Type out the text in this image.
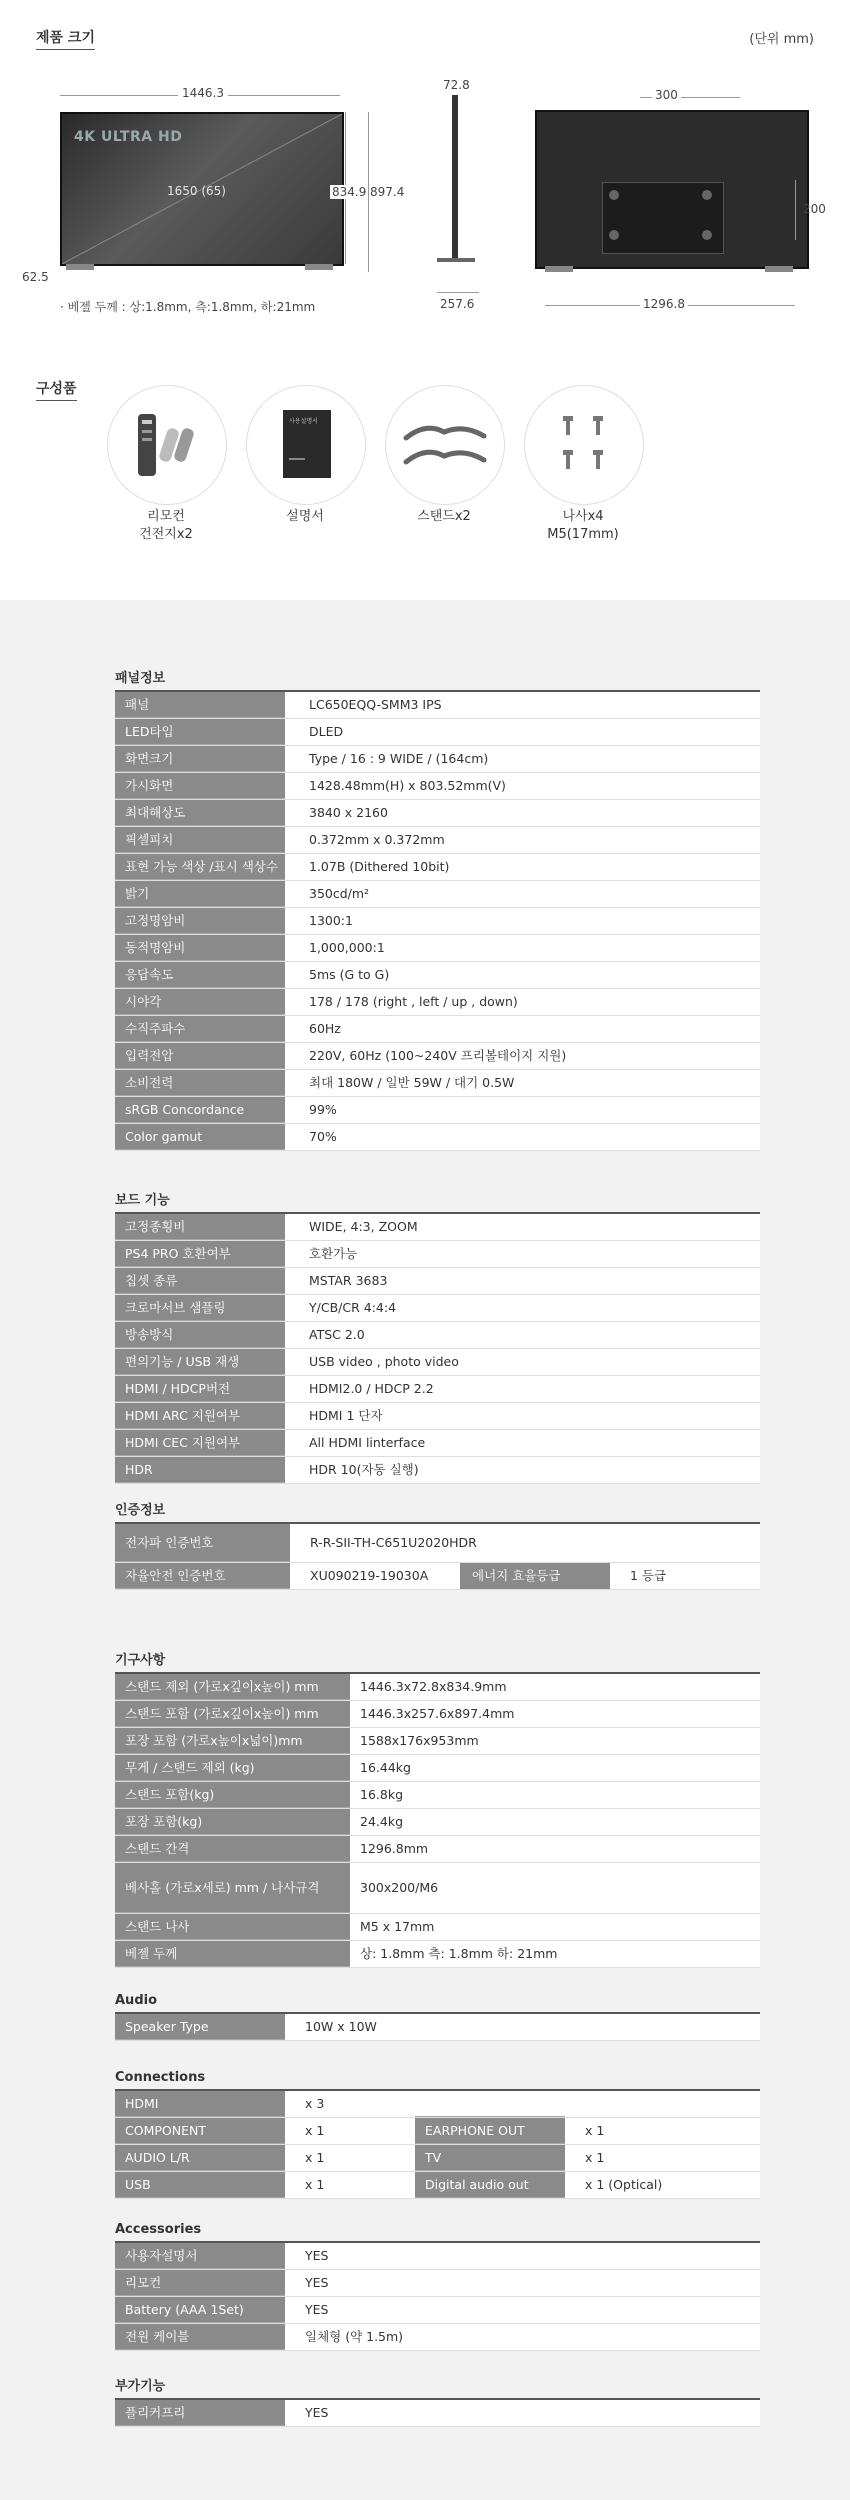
제품 크기	(단위 mm)
1446.3
4K ULTRA HD
1650 (65)	834.9 897.4
62.5
72.8
257.6
300
200
1296.8
· 베젤 두께 : 상:1.8mm, 측:1.8mm, 하:21mm
구성품
사용설명서
리모컨
건전지x2
설명서	스탠드x2	나사x4
M5(17mm)
패널정보
패널	LC650EQQ-SMM3 IPS
LED타입	DLED
화면크기	Type / 16 : 9 WIDE / (164cm)
가시화면	1428.48mm(H) x 803.52mm(V)
최대해상도	3840 x 2160
픽셀피치	0.372mm x 0.372mm
표현 가능 색상 /표시 색상수	1.07B (Dithered 10bit)
밝기	350cd/m²
고정명암비	1300:1
동적명암비	1,000,000:1
응답속도	5ms (G to G)
시야각	178 / 178 (right , left / up , down)
수직주파수	60Hz
입력전압	220V, 60Hz (100~240V 프리볼테이지 지원)
소비전력	최대 180W / 일반 59W / 대기 0.5W
sRGB Concordance	99%
Color gamut	70%
보드 기능
고정종횡비	WIDE, 4:3, ZOOM
PS4 PRO 호환여부	호환가능
칩셋 종류	MSTAR 3683
크로마서브 샘플링	Y/CB/CR 4:4:4
방송방식	ATSC 2.0
편의기능 / USB 재생	USB video , photo video
HDMI / HDCP버전	HDMI2.0 / HDCP 2.2
HDMI ARC 지원여부	HDMI 1 단자
HDMI CEC 지원여부	All HDMI linterface
HDR	HDR 10(자동 실행)
인증정보
전자파 인증번호	R-R-SII-TH-C651U2020HDR
자율안전 인증번호	XU090219-19030A	에너지 효율등급	1 등급
기구사항
스탠드 제외 (가로x깊이x높이) mm	1446.3x72.8x834.9mm
스탠드 포함 (가로x깊이x높이) mm	1446.3x257.6x897.4mm
포장 포함 (가로x높이x넓이)mm	1588x176x953mm
무게 / 스탠드 제외 (kg)	16.44kg
스탠드 포함(kg)	16.8kg
포장 포함(kg)	24.4kg
스탠드 간격	1296.8mm
베사홀 (가로x세로) mm / 나사규격	300x200/M6
스탠드 나사	M5 x 17mm
베젤 두께	상: 1.8mm 측: 1.8mm 하: 21mm
Audio
Speaker Type	10W x 10W
Connections
HDMI	x 3
COMPONENT	x 1	EARPHONE OUT	x 1
AUDIO L/R	x 1	TV	x 1
USB	x 1	Digital audio out	x 1 (Optical)
Accessories
사용자설명서	YES
리모컨	YES
Battery (AAA 1Set)	YES
전원 케이블	일체형 (약 1.5m)
부가기능
플리커프리	YES
